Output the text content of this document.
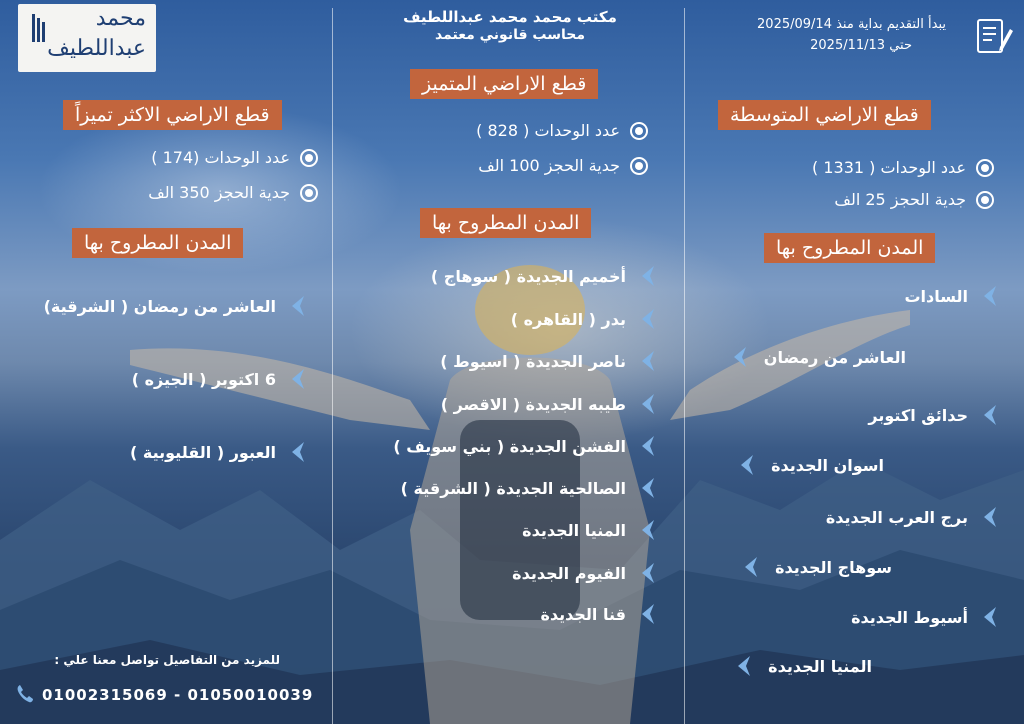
محمد
عبداللطيف
مكتب محمد محمد عبداللطيف
محاسب قانوني معتمد
يبدأ التقديم بداية منذ 2025/09/14
حتي 2025/11/13
قطع الاراضي الاكثر تميزاً
عدد الوحدات (174 )
جدية الحجز 350 الف
المدن المطروح بها
العاشر من رمضان ( الشرقية)
6 اكتوبر ( الجيزه )
العبور ( القليوبية )
قطع الاراضي المتميز
عدد الوحدات ( 828 )
جدية الحجز 100 الف
المدن المطروح بها
أخميم الجديدة ( سوهاج )
بدر ( القاهره )
ناصر الجديدة ( اسيوط )
طيبه الجديدة ( الاقصر )
الفشن الجديدة ( بني سويف )
الصالحية الجديدة ( الشرقية )
المنيا الجديدة
الفيوم الجديدة
قنا الجديدة
قطع الاراضي المتوسطة
عدد الوحدات ( 1331 )
جدية الحجز 25 الف
المدن المطروح بها
السادات
العاشر من رمضان
حدائق اكتوبر
اسوان الجديدة
برج العرب الجديدة
سوهاج الجديدة
أسيوط الجديدة
المنيا الجديدة
للمزيد من التفاصيل تواصل معنا علي :
01002315069 - 01050010039
